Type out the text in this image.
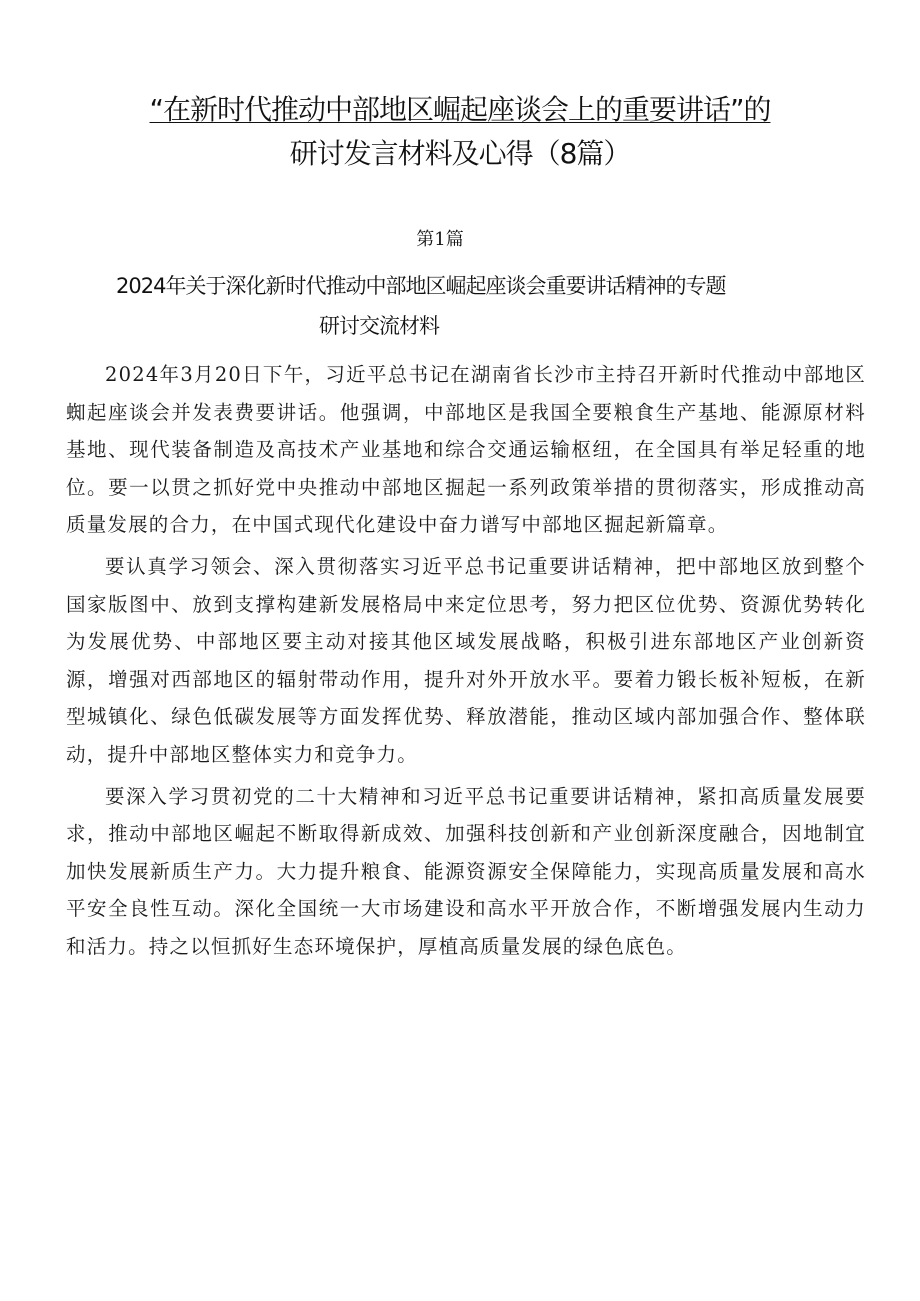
“在新时代推动中部地区崛起座谈会上的重要讲话”的
研讨发言材料及心得（8篇）
第1篇
2024年关于深化新时代推动中部地区崛起座谈会重要讲话精神的专题
研讨交流材料

2024年3月20日下午，习近平总书记在湖南省长沙市主持召开新时代推动中部地区蜘起座谈会并发表费要讲话。他强调，中部地区是我国全要粮食生产基地、能源原材料基地、现代装备制造及高技术产业基地和综合交通运输枢纽，在全国具有举足轻重的地位。要一以贯之抓好党中央推动中部地区掘起一系列政策举措的贯彻落实，形成推动高质量发展的合力，在中国式现代化建设中奋力谱写中部地区掘起新篇章。

要认真学习领会、深入贯彻落实习近平总书记重要讲话精神，把中部地区放到整个国家版图中、放到支撑构建新发展格局中来定位思考，努力把区位优势、资源优势转化为发展优势、中部地区要主动对接其他区域发展战略，积极引进东部地区产业创新资源，增强对西部地区的辐射带动作用，提升对外开放水平。要着力锻长板补短板，在新型城镇化、绿色低碳发展等方面发挥优势、释放潜能，推动区域内部加强合作、整体联动，提升中部地区整体实力和竞争力。

要深入学习贯初党的二十大精神和习近平总书记重要讲话精神，紧扣高质量发展要求，推动中部地区崛起不断取得新成效、加强科技创新和产业创新深度融合，因地制宜加快发展新质生产力。大力提升粮食、能源资源安全保障能力，实现高质量发展和高水平安全良性互动。深化全国统一大市场建设和高水平开放合作，不断增强发展内生动力和活力。持之以恒抓好生态环境保护，厚植高质量发展的绿色底色。
